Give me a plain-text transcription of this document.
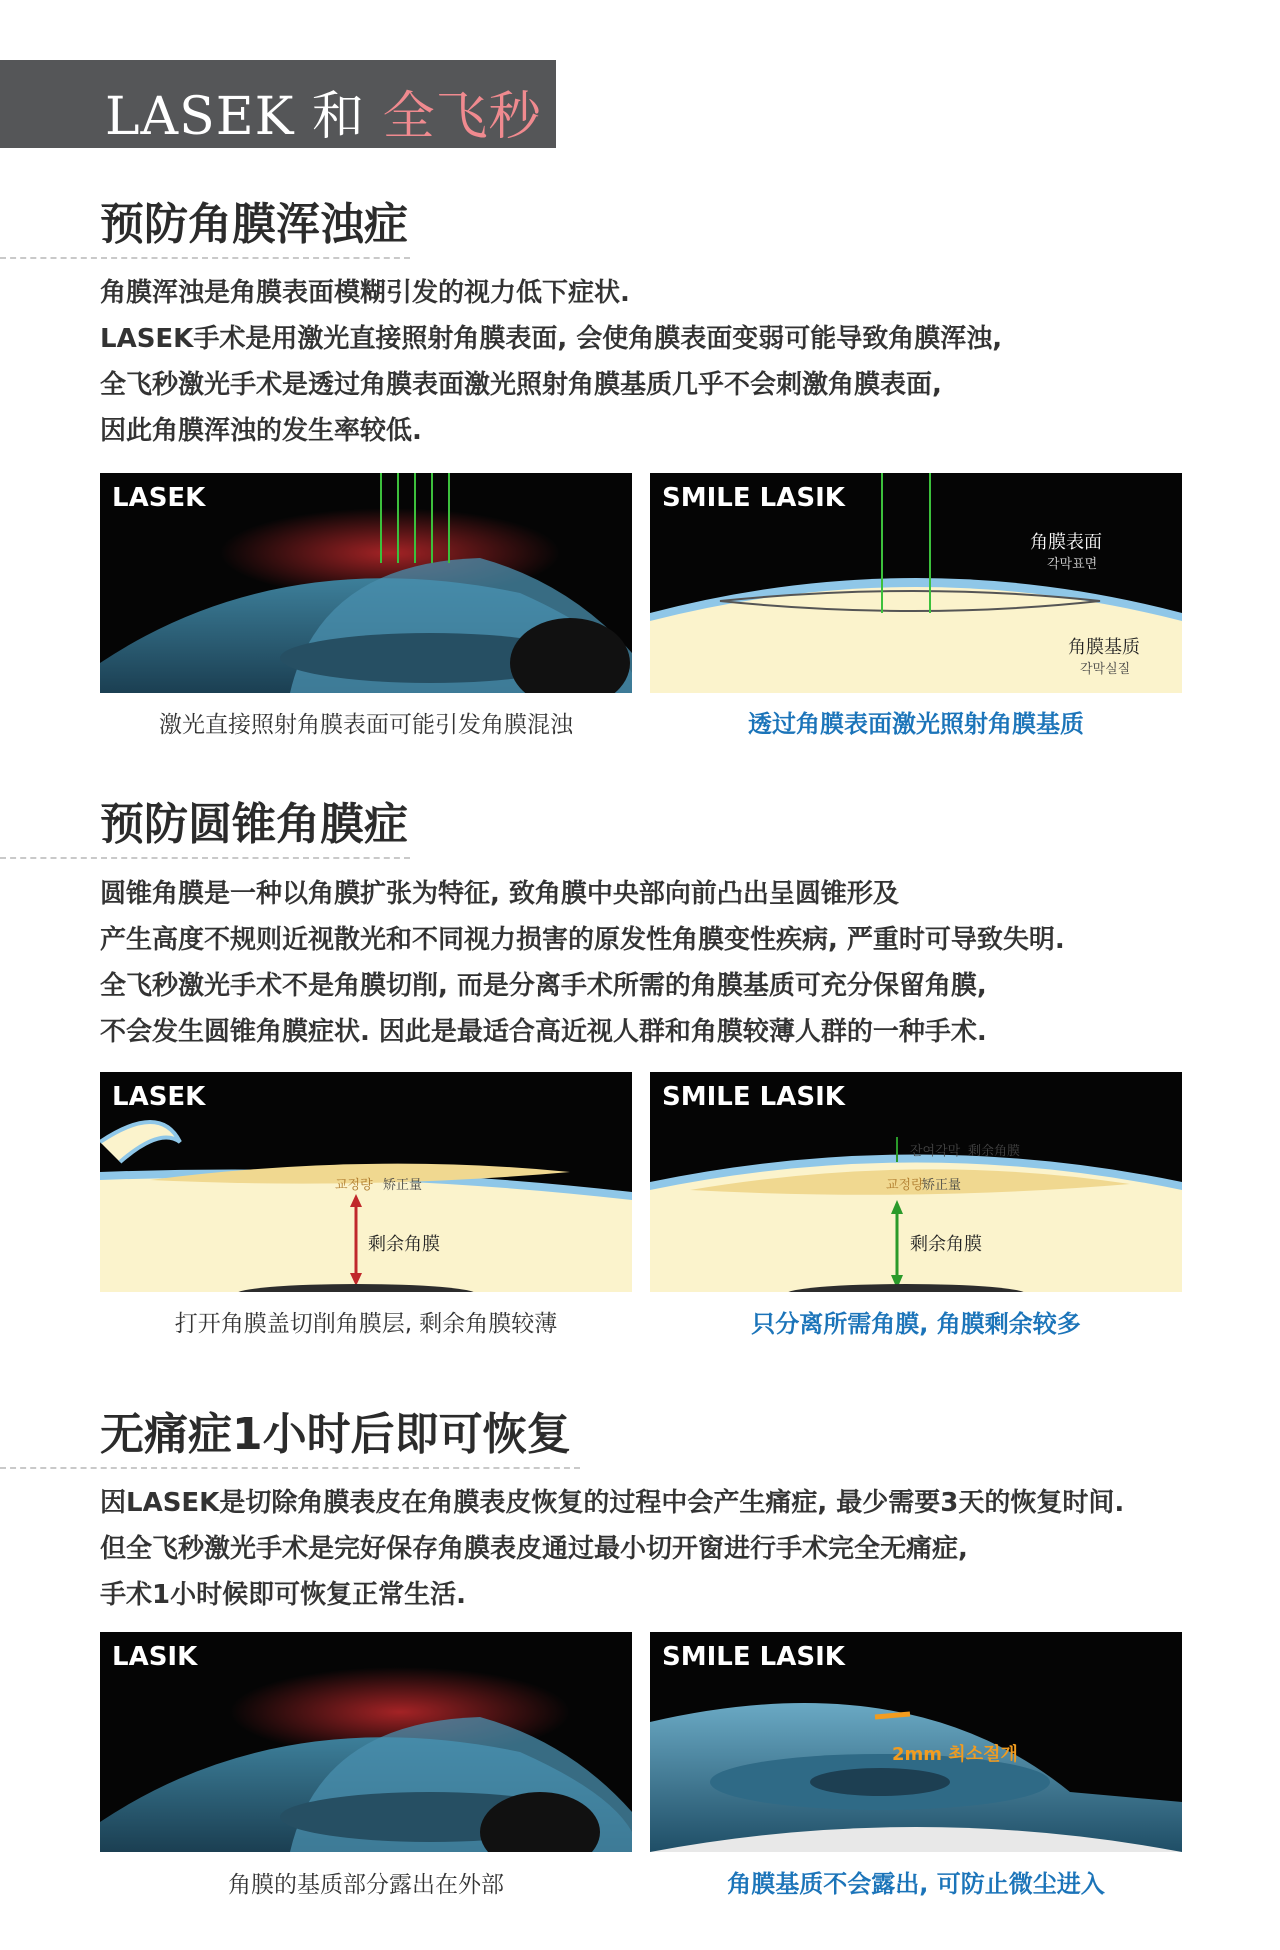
LASEK 和 全飞秒
预防角膜浑浊症
角膜浑浊是角膜表面模糊引发的视力低下症状.
LASEK手术是用激光直接照射角膜表面, 会使角膜表面变弱可能导致角膜浑浊,
全飞秒激光手术是透过角膜表面激光照射角膜基质几乎不会刺激角膜表面,
因此角膜浑浊的发生率较低.
LASEK
激光直接照射角膜表面可能引发角膜混浊
SMILE LASIK
角膜表面
각막표면
角膜基质
각막실질
透过角膜表面激光照射角膜基质
预防圆锥角膜症
圆锥角膜是一种以角膜扩张为特征, 致角膜中央部向前凸出呈圆锥形及
产生高度不规则近视散光和不同视力损害的原发性角膜变性疾病, 严重时可导致失明.
全飞秒激光手术不是角膜切削, 而是分离手术所需的角膜基质可充分保留角膜,
不会发生圆锥角膜症状. 因此是最适合高近视人群和角膜较薄人群的一种手术.
LASEK
교정량 矫正量
剩余角膜
打开角膜盖切削角膜层, 剩余角膜较薄
SMILE LASIK
잔여각막 剩余角膜
교정량
矫正量
剩余角膜
只分离所需角膜, 角膜剩余较多
无痛症1小时后即可恢复
因LASEK是切除角膜表皮在角膜表皮恢复的过程中会产生痛症, 最少需要3天的恢复时间.
但全飞秒激光手术是完好保存角膜表皮通过最小切开窗进行手术完全无痛症,
手术1小时候即可恢复正常生活.
LASIK
角膜的基质部分露出在外部
SMILE LASIK
2mm 최소절개
角膜基质不会露出, 可防止微尘进入
